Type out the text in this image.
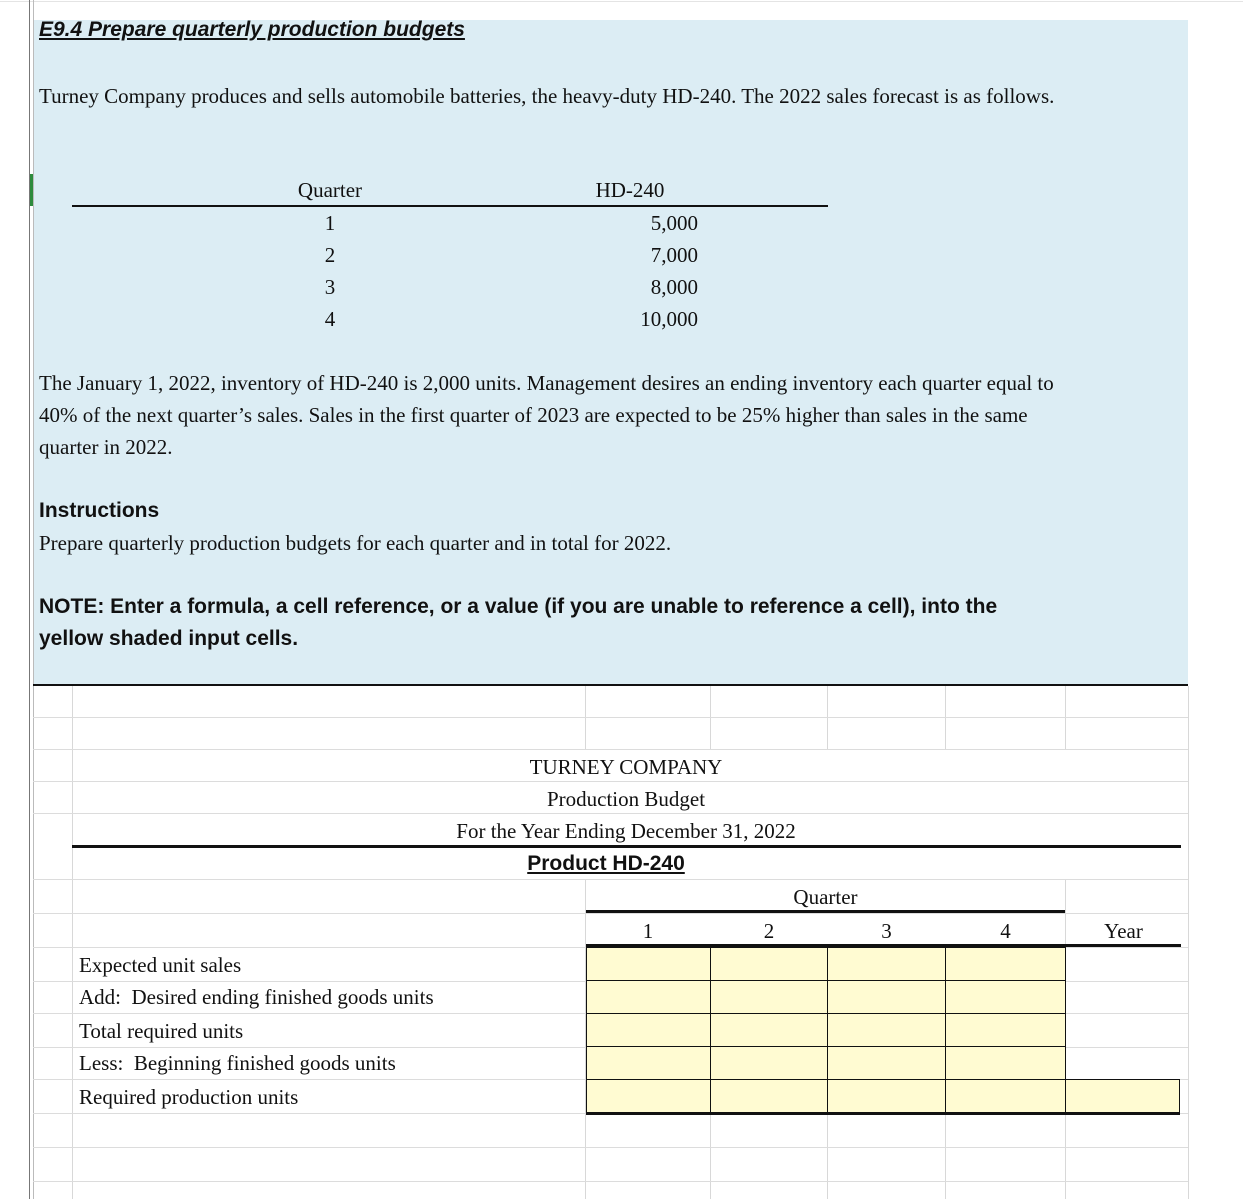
E9.4 Prepare quarterly production budgets
Turney Company produces and sells automobile batteries, the heavy-duty HD-240. The 2022 sales forecast is as follows.
Quarter	HD-240
1	5,000
2	7,000
3	8,000
4	10,000
The January 1, 2022, inventory of HD-240 is 2,000 units. Management desires an ending inventory each quarter equal to
40% of the next quarter’s sales. Sales in the first quarter of 2023 are expected to be 25% higher than sales in the same
quarter in 2022.
Instructions
Prepare quarterly production budgets for each quarter and in total for 2022.
NOTE: Enter a formula, a cell reference, or a value (if you are unable to reference a cell), into the
yellow shaded input cells.
TURNEY COMPANY
Production Budget
For the Year Ending December 31, 2022
Product HD-240
Quarter
1	2	3	4	Year
Expected unit sales
Add:  Desired ending finished goods units
Total required units
Less:  Beginning finished goods units
Required production units
